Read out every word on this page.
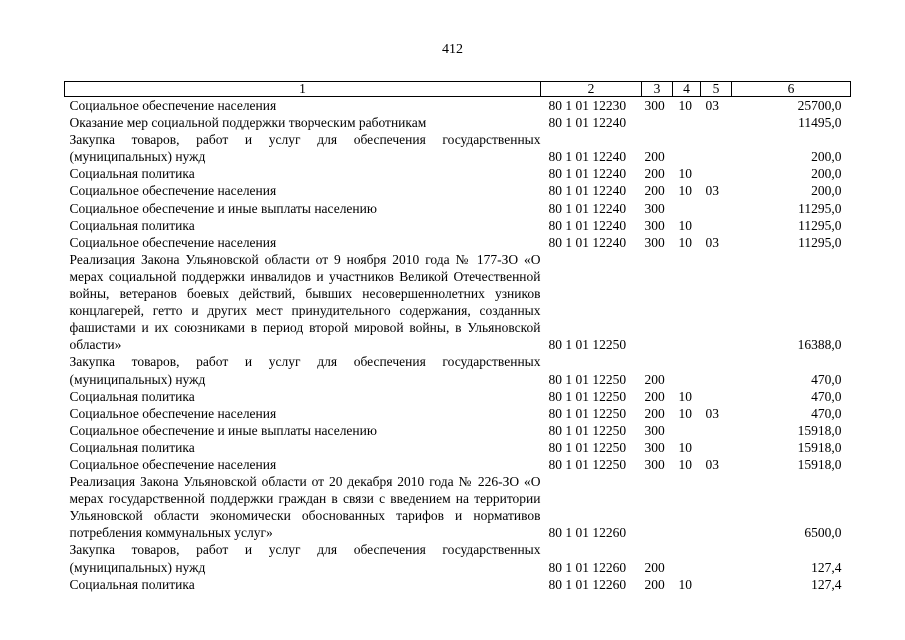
412
1	2	3	4	5	6
Социальное обеспечение населения	80 1 01 12230	300	10	03	25700,0
Оказание мер социальной поддержки творческим работникам	80 1 01 12240				11495,0
Закупка товаров, работ и услуг для обеспечения государственных (муниципальных) нужд	80 1 01 12240	200			200,0
Социальная политика	80 1 01 12240	200	10		200,0
Социальное обеспечение населения	80 1 01 12240	200	10	03	200,0
Социальное обеспечение и иные выплаты населению	80 1 01 12240	300			11295,0
Социальная политика	80 1 01 12240	300	10		11295,0
Социальное обеспечение населения	80 1 01 12240	300	10	03	11295,0
Реализация Закона Ульяновской области от 9 ноября 2010 года № 177-ЗО «О мерах социальной поддержки инвалидов и участников Великой Отечественной войны, ветеранов боевых действий, бывших несовершеннолетних узников концлагерей, гетто и других мест принудительного содержания, созданных фашистами и их союзниками в период второй мировой войны, в Ульяновской области»	80 1 01 12250				16388,0
Закупка товаров, работ и услуг для обеспечения государственных (муниципальных) нужд	80 1 01 12250	200			470,0
Социальная политика	80 1 01 12250	200	10		470,0
Социальное обеспечение населения	80 1 01 12250	200	10	03	470,0
Социальное обеспечение и иные выплаты населению	80 1 01 12250	300			15918,0
Социальная политика	80 1 01 12250	300	10		15918,0
Социальное обеспечение населения	80 1 01 12250	300	10	03	15918,0
Реализация Закона Ульяновской области от 20 декабря 2010 года № 226-ЗО «О мерах государственной поддержки граждан в связи с введением на территории Ульяновской области экономически обоснованных тарифов и нормативов потребления коммунальных услуг»	80 1 01 12260				6500,0
Закупка товаров, работ и услуг для обеспечения государственных (муниципальных) нужд	80 1 01 12260	200			127,4
Социальная политика	80 1 01 12260	200	10		127,4
